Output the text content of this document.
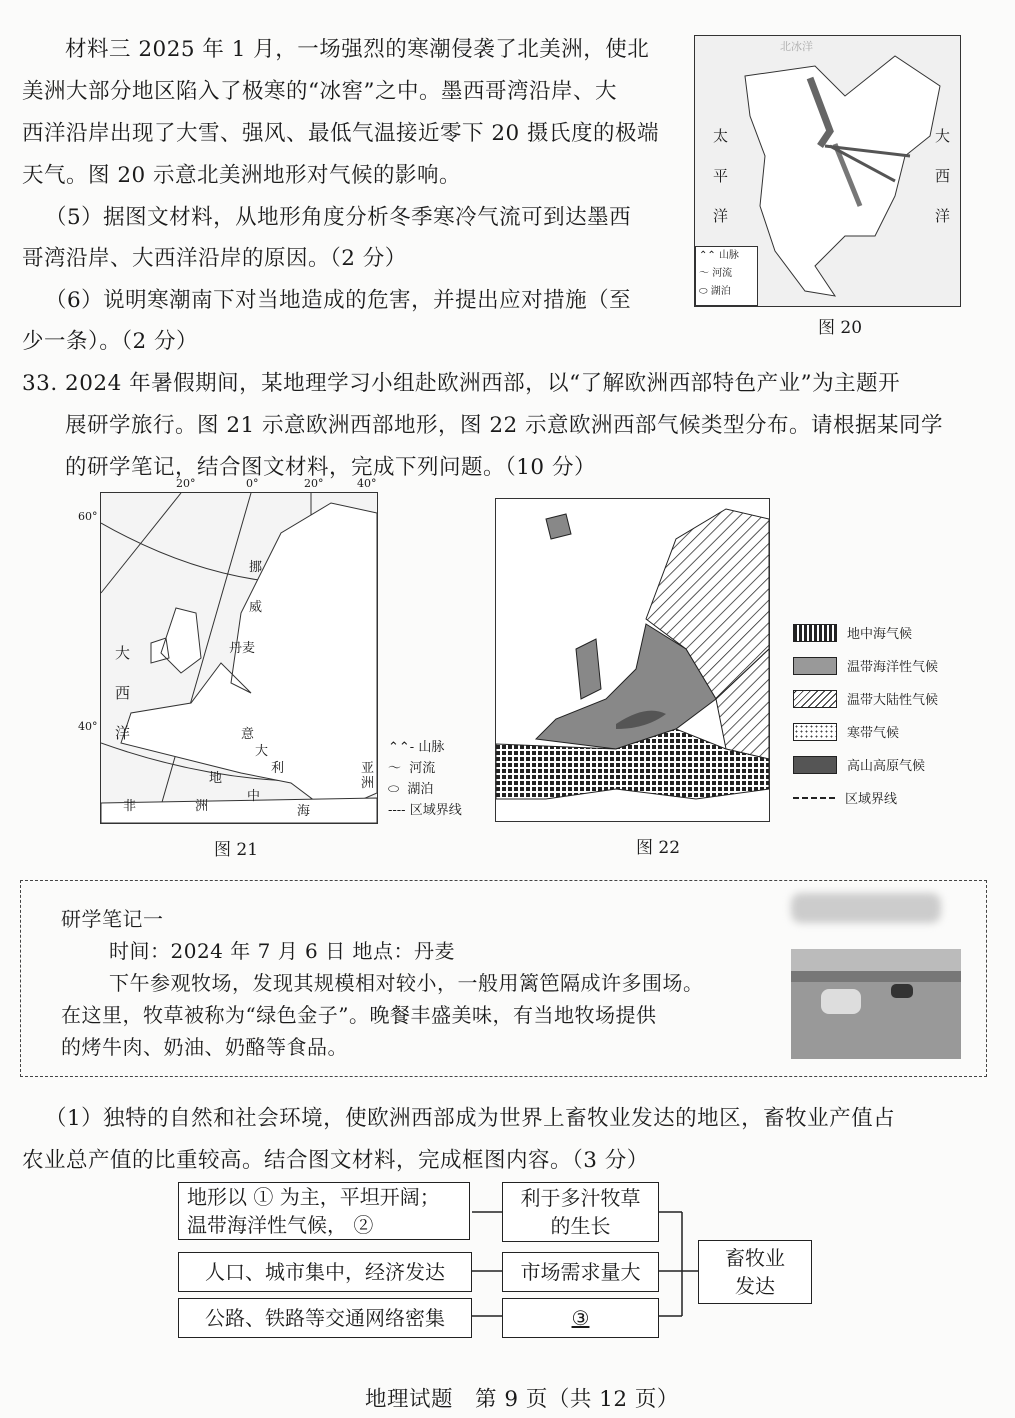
材料三 2025 年 1 月，一场强烈的寒潮侵袭了北美洲，使北
美洲大部分地区陷入了极寒的“冰窖”之中。墨西哥湾沿岸、大
西洋沿岸出现了大雪、强风、最低气温接近零下 20 摄氏度的极端
天气。图 20 示意北美洲地形对气候的影响。
（5）据图文材料，从地形角度分析冬季寒冷气流可到达墨西
哥湾沿岸、大西洋沿岸的原因。（2 分）
（6）说明寒潮南下对当地造成的危害，并提出应对措施（至
少一条）。（2 分）
太
平
洋
大
西
洋
北冰洋
⌃⌃ 山脉
〜 河流
⬭ 湖泊
图 20
33. 2024 年暑假期间，某地理学习小组赴欧洲西部，以“了解欧洲西部特色产业”为主题开
展研学旅行。图 21 示意欧洲西部地形，图 22 示意欧洲西部气候类型分布。请根据某同学
的研学笔记，结合图文材料，完成下列问题。（10 分）
20°	0°	20°	40°
60°
40°
大
西
洋
挪
威
丹麦
意
大
利
非	洲
地
中
海
亚
洲
⌃⌃- 山脉
〜  河流
⬭  湖泊
---- 区域界线
图 21
地中海气候
温带海洋性气候
温带大陆性气候
寒带气候
高山高原气候
区域界线
图 22
研学笔记一
时间：2024 年 7 月 6 日 地点：丹麦
下午参观牧场，发现其规模相对较小，一般用篱笆隔成许多围场。
在这里，牧草被称为“绿色金子”。晚餐丰盛美味，有当地牧场提供
的烤牛肉、奶油、奶酪等食品。
（1）独特的自然和社会环境，使欧洲西部成为世界上畜牧业发达的地区，畜牧业产值占
农业总产值的比重较高。结合图文材料，完成框图内容。（3 分）
地形以 ① 为主，平坦开阔；
温带海洋性气候， ②
人口、城市集中，经济发达
公路、铁路等交通网络密集
利于多汁牧草
的生长
市场需求量大
③
畜牧业
发达
地理试题　第 9 页（共 12 页）
